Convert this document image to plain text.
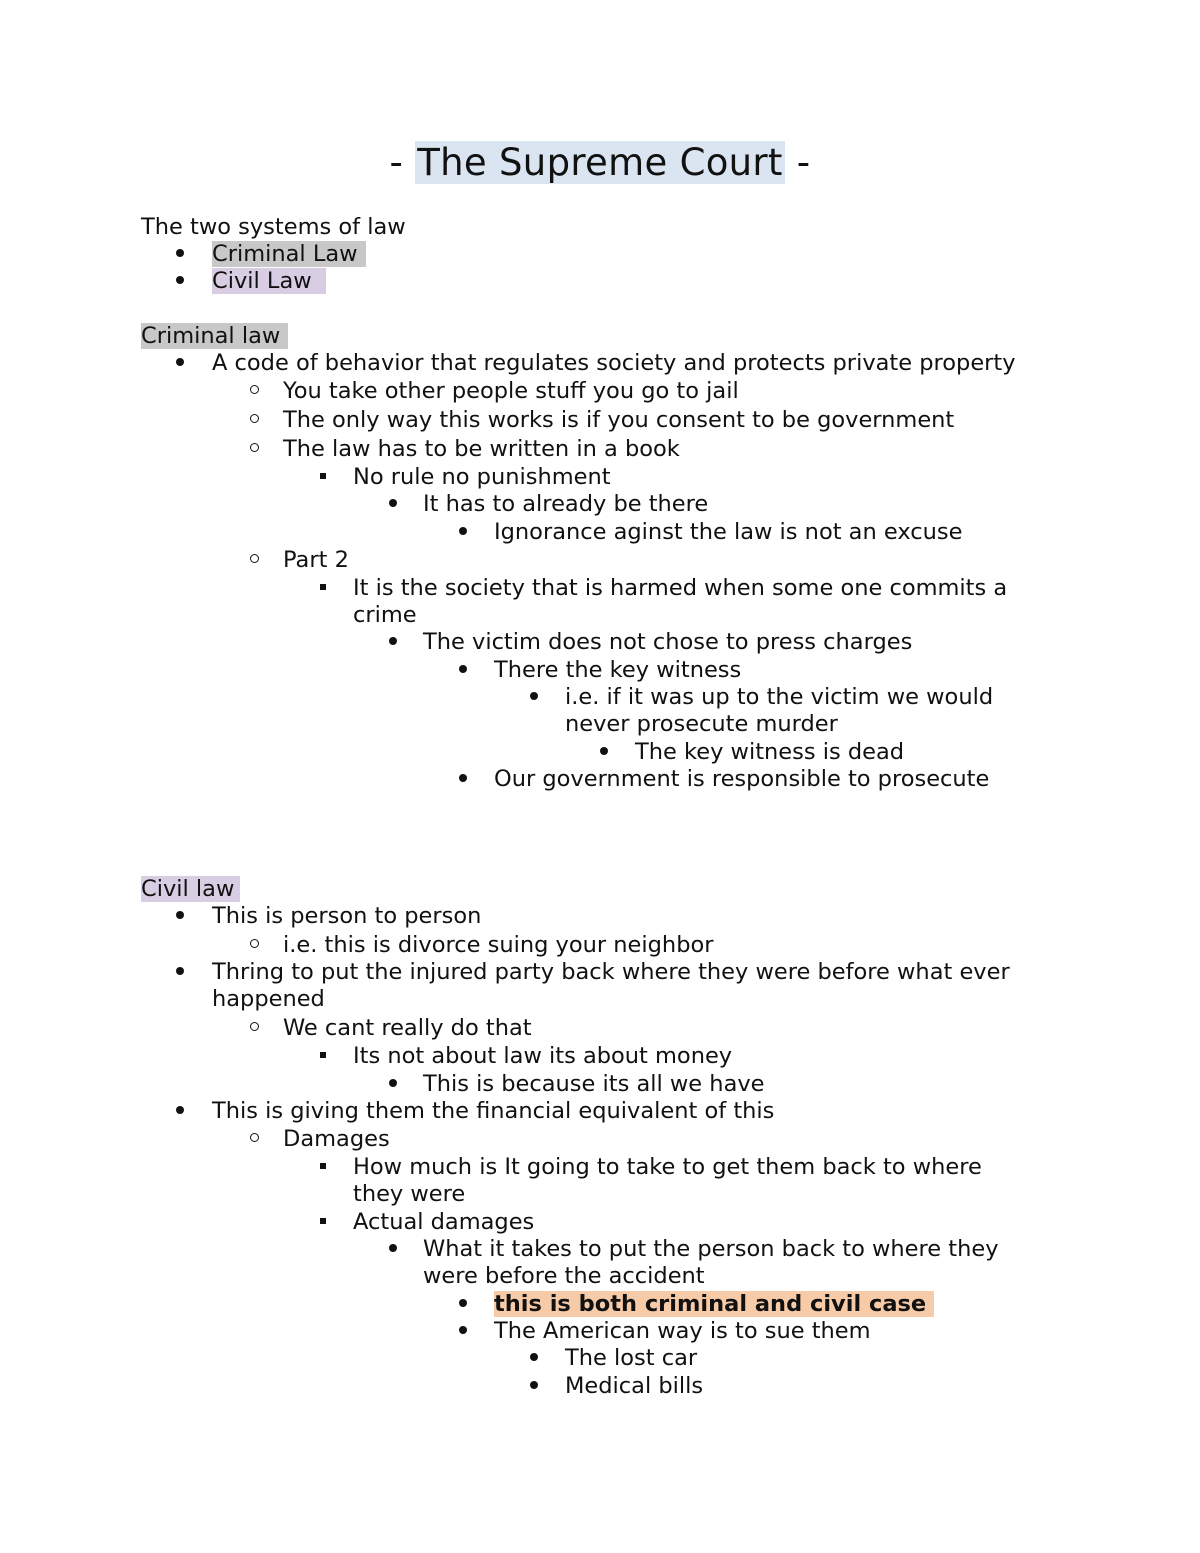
- The Supreme Court -
The two systems of law
Criminal Law
Civil Law
Criminal law
A code of behavior that regulates society and protects private property
You take other people stuff you go to jail
The only way this works is if you consent to be government
The law has to be written in a book
No rule no punishment
It has to already be there
Ignorance aginst the law is not an excuse
Part 2
It is the society that is harmed when some one commits a
crime
The victim does not chose to press charges
There the key witness
i.e. if it was up to the victim we would
never prosecute murder
The key witness is dead
Our government is responsible to prosecute
Civil law
This is person to person
i.e. this is divorce suing your neighbor
Thring to put the injured party back where they were before what ever
happened
We cant really do that
Its not about law its about money
This is because its all we have
This is giving them the financial equivalent of this
Damages
How much is It going to take to get them back to where
they were
Actual damages
What it takes to put the person back to where they
were before the accident
this is both criminal and civil case
The American way is to sue them
The lost car
Medical bills
